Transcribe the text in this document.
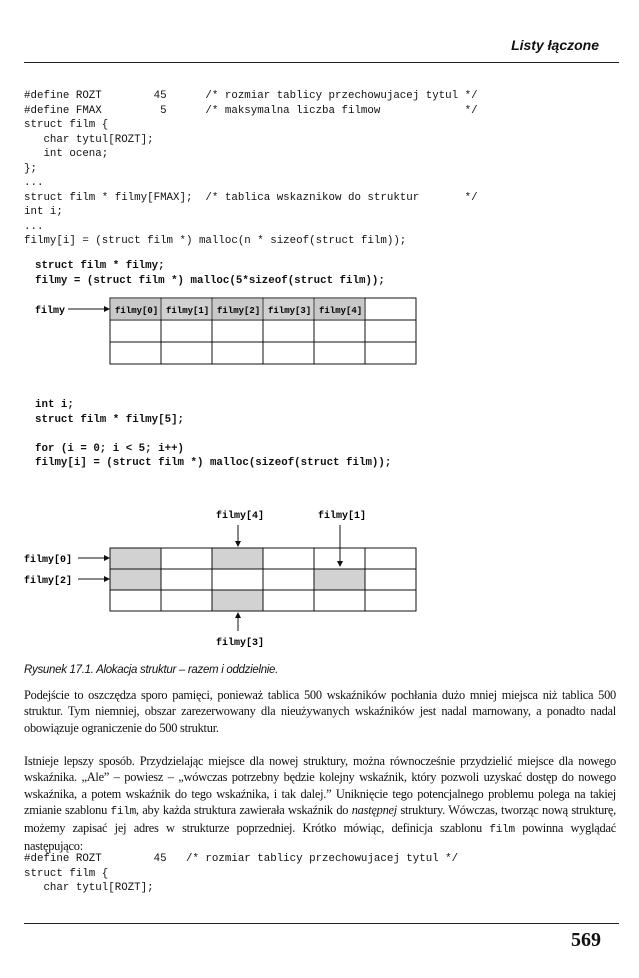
Listy łączone
#define ROZT        45      /* rozmiar tablicy przechowujacej tytul */
#define FMAX         5      /* maksymalna liczba filmow             */
struct film {
char tytul[ROZT];
int ocena;
};
...
struct film * filmy[FMAX];  /* tablica wskaznikow do struktur       */
int i;
...
filmy[i] = (struct film *) malloc(n * sizeof(struct film));
struct film * filmy;
filmy = (struct film *) malloc(5*sizeof(struct film));
filmy	filmy[0] filmy[1] filmy[2] filmy[3] filmy[4]
int i;
struct film * filmy[5];

for (i = 0; i < 5; i++)
filmy[i] = (struct film *) malloc(sizeof(struct film));
filmy[4]	filmy[1]
filmy[0]
filmy[2]
filmy[3]
Rysunek 17.1. Alokacja struktur – razem i oddzielnie.

Podejście to oszczędza sporo pamięci, ponieważ tablica 500 wskaźników pochłania dużo mniej miejsca niż tablica 500 struktur. Tym niemniej, obszar zarezerwowany dla nieużywanych wskaźników jest nadal marnowany, a ponadto nadal obowiązuje ograniczenie do 500 struktur.

Istnieje lepszy sposób. Przydzielając miejsce dla nowej struktury, można równocześnie przydzielić miejsce dla nowego wskaźnika. „Ale” – powiesz – „wówczas potrzebny będzie kolejny wskaźnik, który pozwoli uzyskać dostęp do nowego wskaźnika, a potem wskaźnik do tego wskaźnika, i tak dalej.” Uniknięcie tego potencjalnego problemu polega na takiej zmianie szablonu film, aby każda struktura zawierała wskaźnik do następnej struktury. Wówczas, tworząc nową strukturę, możemy zapisać jej adres w strukturze poprzedniej. Krótko mówiąc, definicja szablonu film powinna wyglądać następująco:

#define ROZT        45   /* rozmiar tablicy przechowujacej tytul */
struct film {
char tytul[ROZT];
569
